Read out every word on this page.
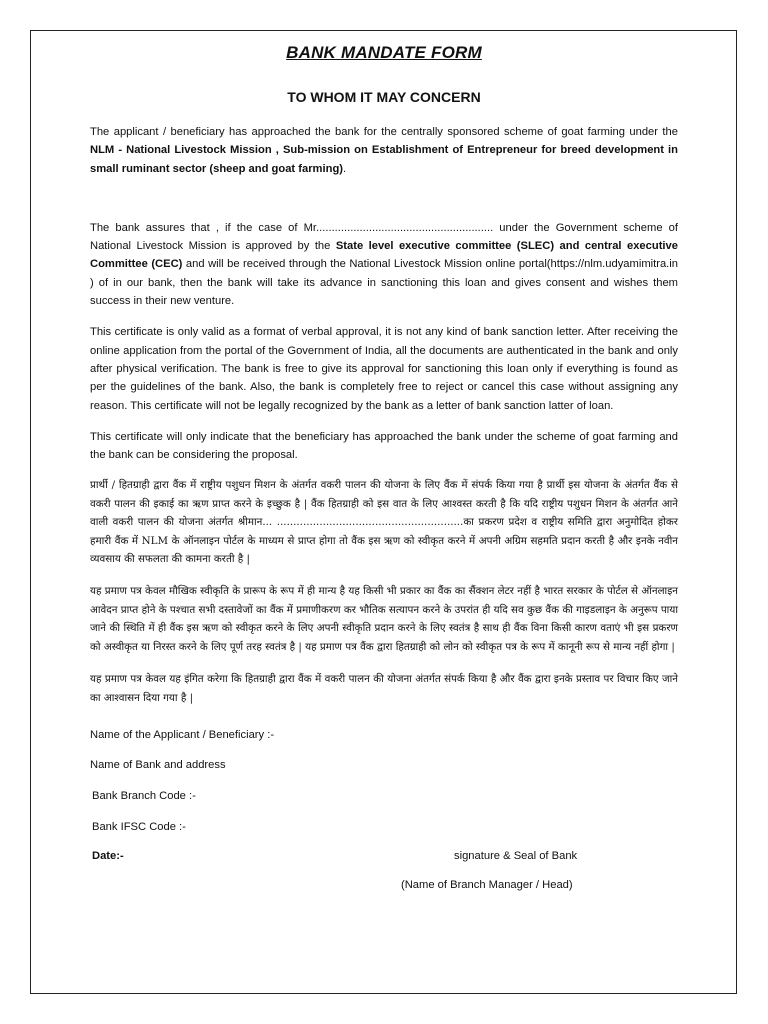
BANK MANDATE FORM
TO WHOM IT MAY CONCERN

The applicant / beneficiary has approached the bank for the centrally sponsored scheme of goat farming under the NLM - National Livestock Mission , Sub-mission on Establishment of Entrepreneur for breed development in small ruminant sector (sheep and goat farming).

The bank assures that , if the case of Mr......................................................... under the Government scheme of National Livestock Mission is approved by the State level executive committee (SLEC) and central executive Committee (CEC) and will be received through the National Livestock Mission online portal(https://nlm.udyamimitra.in ) of in our bank, then the bank will take its advance in sanctioning this loan and gives consent and wishes them success in their new venture.

This certificate is only valid as a format of verbal approval, it is not any kind of bank sanction letter. After receiving the online application from the portal of the Government of India, all the documents are authenticated in the bank and only after physical verification. The bank is free to give its approval for sanctioning this loan only if everything is found as per the guidelines of the bank. Also, the bank is completely free to reject or cancel this case without assigning any reason. This certificate will not be legally recognized by the bank as a letter of bank sanction latter of loan.

This certificate will only indicate that the beneficiary has approached the bank under the scheme of goat farming and the bank can be considering the proposal.

प्रार्थी / हितग्राही द्वारा वैंक में राष्ट्रीय पशुधन मिशन के अंतर्गत वकरी पालन की योजना के लिए वैंक में संपर्क किया गया है प्रार्थी इस योजना के अंतर्गत वैंक से वकरी पालन की इकाई का ऋण प्राप्त करने के इच्छुक है | वैंक हितग्राही को इस वात के लिए आश्वस्त करती है कि यदि राष्ट्रीय पशुधन मिशन के अंतर्गत आने वाली वकरी पालन की योजना अंतर्गत श्रीमान... .........................................................का प्रकरण प्रदेश व राष्ट्रीय समिति द्वारा अनुमोदित होकर हमारी वैंक में NLM के ऑनलाइन पोर्टल के माध्यम से प्राप्त होगा तो वैंक इस ऋण को स्वीकृत करने में अपनी अग्रिम सहमति प्रदान करती है और इनके नवीन व्यवसाय की सफलता की कामना करती है |

यह प्रमाण पत्र केवल मौखिक स्वीकृति के प्रारूप के रूप में ही मान्य है यह किसी भी प्रकार का वैंक का सैंक्शन लेटर नहीं है भारत सरकार के पोर्टल से ऑनलाइन आवेदन प्राप्त होने के पश्चात सभी दस्तावेजों का वैंक में प्रमाणीकरण कर भौतिक सत्यापन करने के उपरांत ही यदि सव कुछ वैंक की गाइडलाइन के अनुरूप पाया जाने की स्थिति में ही वैंक इस ऋण को स्वीकृत करने के लिए अपनी स्वीकृति प्रदान करने के लिए स्वतंत्र है साथ ही वैंक विना किसी कारण वताएं भी इस प्रकरण को अस्वीकृत या निरस्त करने के लिए पूर्ण तरह स्वतंत्र है | यह प्रमाण पत्र वैंक द्वारा हितग्राही को लोन को स्वीकृत पत्र के रूप में कानूनी रूप से मान्य नहीं होगा |

यह प्रमाण पत्र केवल यह इंगित करेगा कि हितग्राही द्वारा वैंक में वकरी पालन की योजना अंतर्गत संपर्क किया है और वैंक द्वारा इनके प्रस्ताव पर विचार किए जाने का आश्वासन दिया गया है |

Name of the Applicant / Beneficiary :-
Name of Bank and address
Bank Branch Code :-
Bank IFSC Code :-
Date:-	signature & Seal of Bank
(Name of Branch Manager / Head)
